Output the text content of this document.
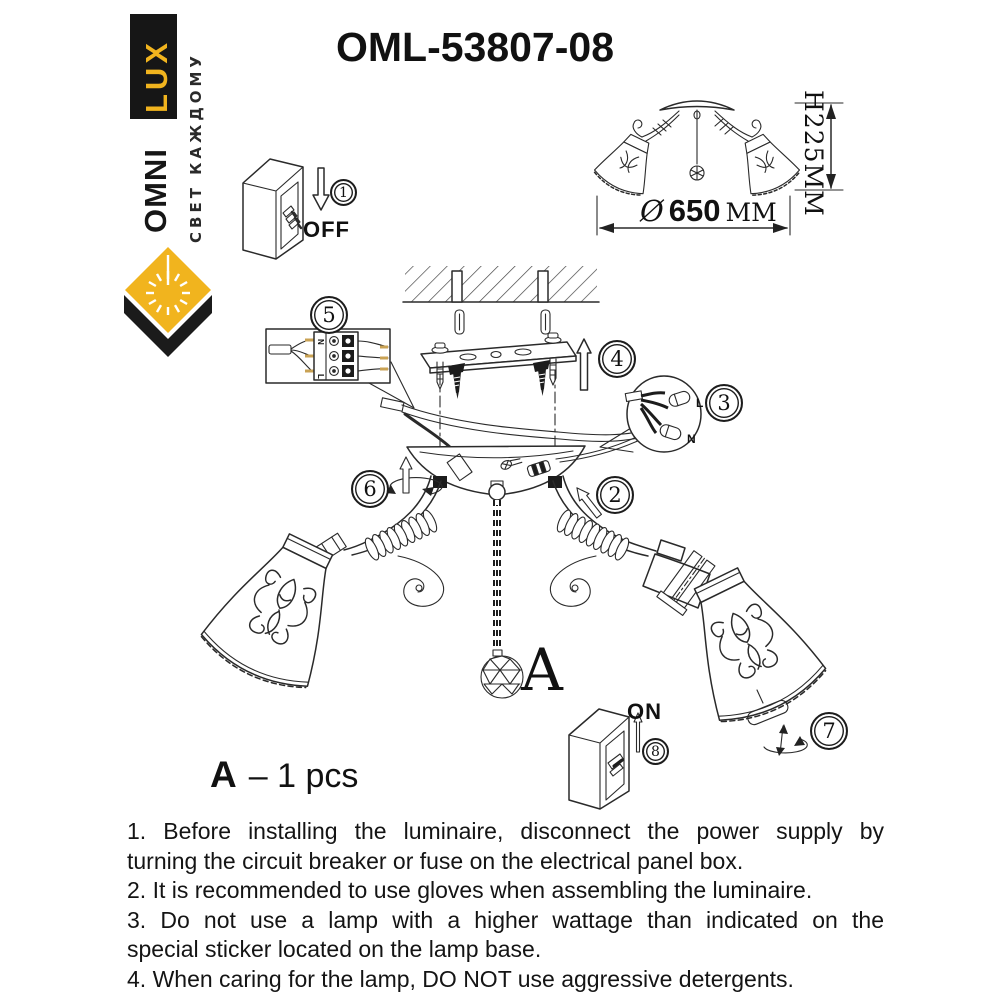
LUX
OMNI СВЕТ КАЖДОМУ
OML-53807-08
N
L
L
N
1
2
3
4
5
6
7
8
OFF
ON
Ø 650 MM H225MM
A
A – 1 pcs

1. Before installing the luminaire, disconnect the power supply by

turning the circuit breaker or fuse on the electrical panel box.

2. It is recommended to use gloves when assembling the luminaire.

3. Do not use a lamp with a higher wattage than indicated on the

special sticker located on the lamp base.

4. When caring for the lamp, DO NOT use aggressive detergents.
